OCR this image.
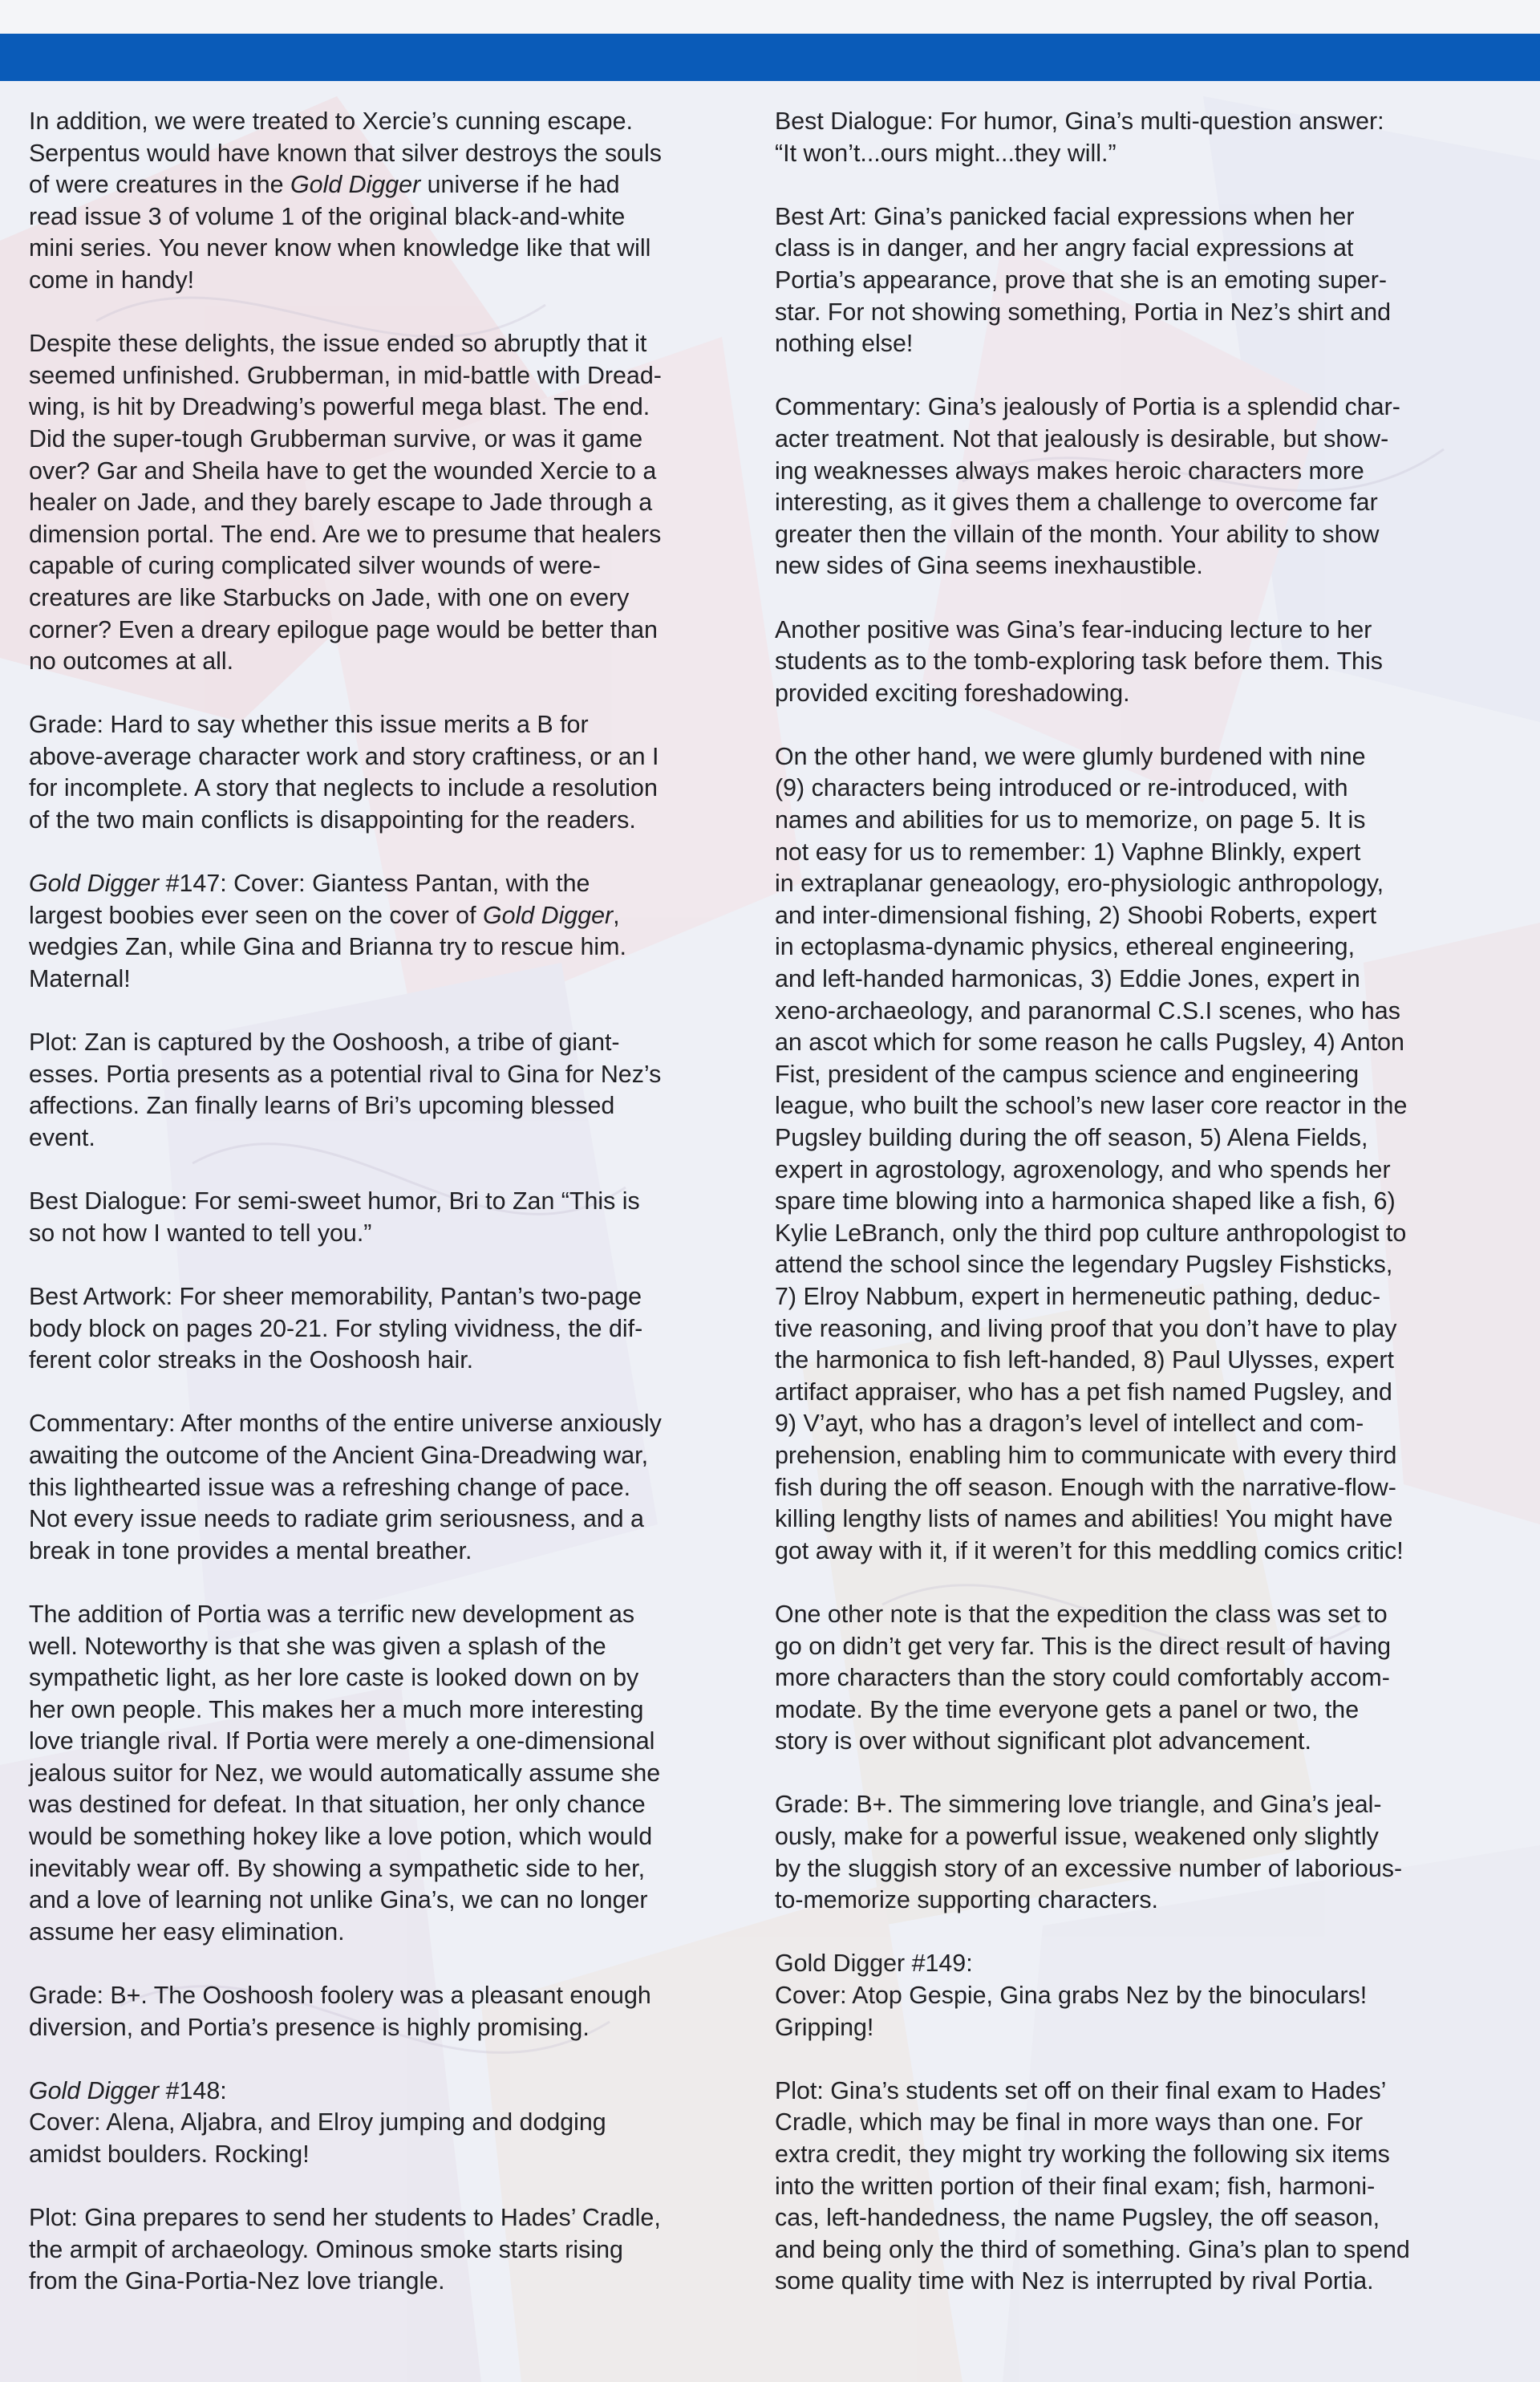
In addition, we were treated to Xercie’s cunning escape.
Serpentus would have known that silver destroys the souls
of were creatures in the Gold Digger universe if he had
read issue 3 of volume 1 of the original black-and-white
mini series. You never know when knowledge like that will
come in handy!

Despite these delights, the issue ended so abruptly that it
seemed unfinished. Grubberman, in mid-battle with Dread-
wing, is hit by Dreadwing’s powerful mega blast. The end.
Did the super-tough Grubberman survive, or was it game
over? Gar and Sheila have to get the wounded Xercie to a
healer on Jade, and they barely escape to Jade through a
dimension portal. The end. Are we to presume that healers
capable of curing complicated silver wounds of were-
creatures are like Starbucks on Jade, with one on every
corner? Even a dreary epilogue page would be better than
no outcomes at all.

Grade: Hard to say whether this issue merits a B for
above-average character work and story craftiness, or an I
for incomplete. A story that neglects to include a resolution
of the two main conflicts is disappointing for the readers.

Gold Digger #147: Cover: Giantess Pantan, with the
largest boobies ever seen on the cover of Gold Digger,
wedgies Zan, while Gina and Brianna try to rescue him.
Maternal!

Plot: Zan is captured by the Ooshoosh, a tribe of giant-
esses. Portia presents as a potential rival to Gina for Nez’s
affections. Zan finally learns of Bri’s upcoming blessed
event.

Best Dialogue: For semi-sweet humor, Bri to Zan “This is
so not how I wanted to tell you.”

Best Artwork: For sheer memorability, Pantan’s two-page
body block on pages 20-21. For styling vividness, the dif-
ferent color streaks in the Ooshoosh hair.

Commentary: After months of the entire universe anxiously
awaiting the outcome of the Ancient Gina-Dreadwing war,
this lighthearted issue was a refreshing change of pace.
Not every issue needs to radiate grim seriousness, and a
break in tone provides a mental breather.

The addition of Portia was a terrific new development as
well. Noteworthy is that she was given a splash of the
sympathetic light, as her lore caste is looked down on by
her own people. This makes her a much more interesting
love triangle rival. If Portia were merely a one-dimensional
jealous suitor for Nez, we would automatically assume she
was destined for defeat. In that situation, her only chance
would be something hokey like a love potion, which would
inevitably wear off. By showing a sympathetic side to her,
and a love of learning not unlike Gina’s, we can no longer
assume her easy elimination.

Grade: B+. The Ooshoosh foolery was a pleasant enough
diversion, and Portia’s presence is highly promising.

Gold Digger #148:
Cover: Alena, Aljabra, and Elroy jumping and dodging
amidst boulders. Rocking!

Plot: Gina prepares to send her students to Hades’ Cradle,
the armpit of archaeology. Ominous smoke starts rising
from the Gina-Portia-Nez love triangle.

Best Dialogue: For humor, Gina’s multi-question answer:
“It won’t...ours might...they will.”

Best Art: Gina’s panicked facial expressions when her
class is in danger, and her angry facial expressions at
Portia’s appearance, prove that she is an emoting super-
star. For not showing something, Portia in Nez’s shirt and
nothing else!

Commentary: Gina’s jealously of Portia is a splendid char-
acter treatment. Not that jealously is desirable, but show-
ing weaknesses always makes heroic characters more
interesting, as it gives them a challenge to overcome far
greater then the villain of the month. Your ability to show
new sides of Gina seems inexhaustible.

Another positive was Gina’s fear-inducing lecture to her
students as to the tomb-exploring task before them. This
provided exciting foreshadowing.

On the other hand, we were glumly burdened with nine
(9) characters being introduced or re-introduced, with
names and abilities for us to memorize, on page 5. It is
not easy for us to remember: 1) Vaphne Blinkly, expert
in extraplanar geneaology, ero-physiologic anthropology,
and inter-dimensional fishing, 2) Shoobi Roberts, expert
in ectoplasma-dynamic physics, ethereal engineering,
and left-handed harmonicas, 3) Eddie Jones, expert in
xeno-archaeology, and paranormal C.S.I scenes, who has
an ascot which for some reason he calls Pugsley, 4) Anton
Fist, president of the campus science and engineering
league, who built the school’s new laser core reactor in the
Pugsley building during the off season, 5) Alena Fields,
expert in agrostology, agroxenology, and who spends her
spare time blowing into a harmonica shaped like a fish, 6)
Kylie LeBranch, only the third pop culture anthropologist to
attend the school since the legendary Pugsley Fishsticks,
7) Elroy Nabbum, expert in hermeneutic pathing, deduc-
tive reasoning, and living proof that you don’t have to play
the harmonica to fish left-handed, 8) Paul Ulysses, expert
artifact appraiser, who has a pet fish named Pugsley, and
9) V’ayt, who has a dragon’s level of intellect and com-
prehension, enabling him to communicate with every third
fish during the off season. Enough with the narrative-flow-
killing lengthy lists of names and abilities! You might have
got away with it, if it weren’t for this meddling comics critic!

One other note is that the expedition the class was set to
go on didn’t get very far. This is the direct result of having
more characters than the story could comfortably accom-
modate. By the time everyone gets a panel or two, the
story is over without significant plot advancement.

Grade: B+. The simmering love triangle, and Gina’s jeal-
ously, make for a powerful issue, weakened only slightly
by the sluggish story of an excessive number of laborious-
to-memorize supporting characters.

Gold Digger #149:
Cover: Atop Gespie, Gina grabs Nez by the binoculars!
Gripping!

Plot: Gina’s students set off on their final exam to Hades’
Cradle, which may be final in more ways than one. For
extra credit, they might try working the following six items
into the written portion of their final exam; fish, harmoni-
cas, left-handedness, the name Pugsley, the off season,
and being only the third of something. Gina’s plan to spend
some quality time with Nez is interrupted by rival Portia.
